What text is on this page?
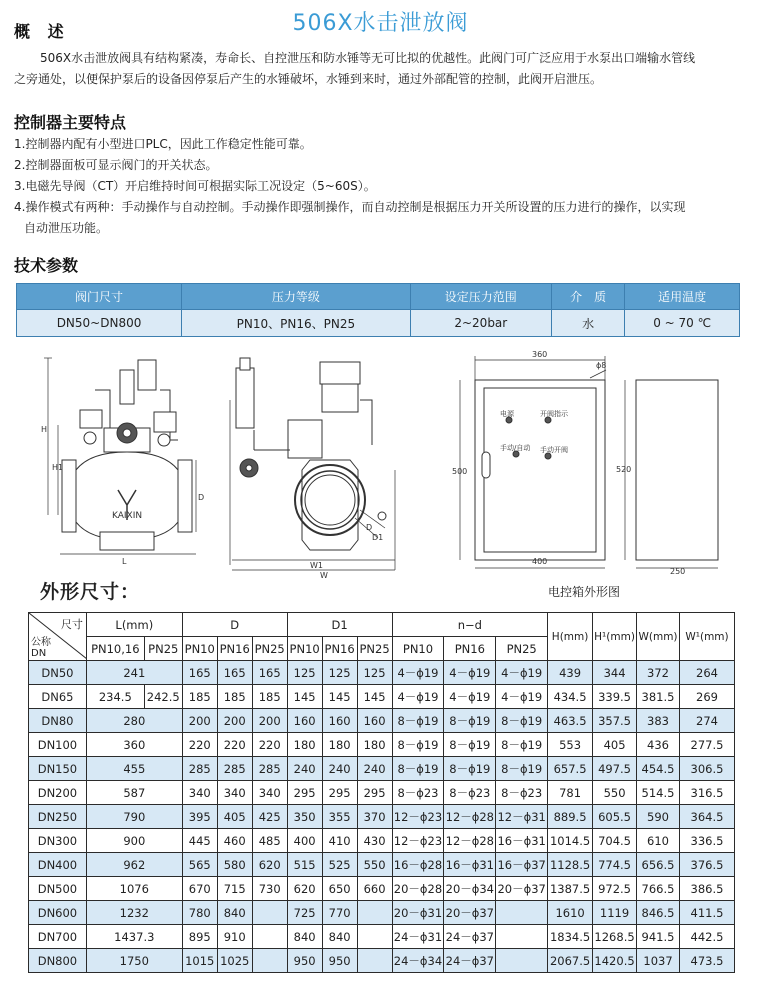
506X水击泄放阀
概 述
506X水击泄放阀具有结构紧凑，寿命长、自控泄压和防水锤等无可比拟的优越性。此阀门可广泛应用于水泵出口端输水管线
之旁通处，以便保护泵后的设备因停泵后产生的水锤破坏，水锤到来时，通过外部配管的控制，此阀开启泄压。
控制器主要特点
1.控制器内配有小型进口PLC，因此工作稳定性能可靠。
2.控制器面板可显示阀门的开关状态。
3.电磁先导阀（CT）开启维持时间可根据实际工况设定（5~60S）。
4.操作模式有两种：手动操作与自动控制。手动操作即强制操作，而自动控制是根据压力开关所设置的压力进行的操作，以实现
自动泄压功能。
技术参数
阀门尺寸	压力等级	设定压力范围	介　质	适用温度
DN50~DN800	PN10、PN16、PN25	2~20bar	水	0 ~ 70 ℃
H
H1
D
L
KAIXIN
W1
W
D
D1
360
ϕ8
500	520
400
250
电源	开阀指示
手动/自动 手动开阀
电控箱外形图
外形尺寸：
尺寸
公称DN	L(mm)		D			D1			n−d			H(mm)	H¹(mm)	W(mm)	W¹(mm)
	PN10,16	PN25	PN10	PN16	PN25	PN10	PN16	PN25	PN10	PN16	PN25				
DN50	241		165	165	165	125	125	125	4－ϕ19	4－ϕ19	4－ϕ19	439	344	372	264
DN65	234.5	242.5	185	185	185	145	145	145	4－ϕ19	4－ϕ19	4－ϕ19	434.5	339.5	381.5	269
DN80	280		200	200	200	160	160	160	8－ϕ19	8－ϕ19	8－ϕ19	463.5	357.5	383	274
DN100	360		220	220	220	180	180	180	8－ϕ19	8－ϕ19	8－ϕ19	553	405	436	277.5
DN150	455		285	285	285	240	240	240	8－ϕ19	8－ϕ19	8－ϕ19	657.5	497.5	454.5	306.5
DN200	587		340	340	340	295	295	295	8－ϕ23	8－ϕ23	8－ϕ23	781	550	514.5	316.5
DN250	790		395	405	425	350	355	370	12－ϕ23	12－ϕ28	12－ϕ31	889.5	605.5	590	364.5
DN300	900		445	460	485	400	410	430	12－ϕ23	12－ϕ28	16－ϕ31	1014.5	704.5	610	336.5
DN400	962		565	580	620	515	525	550	16－ϕ28	16－ϕ31	16－ϕ37	1128.5	774.5	656.5	376.5
DN500	1076		670	715	730	620	650	660	20－ϕ28	20－ϕ34	20－ϕ37	1387.5	972.5	766.5	386.5
DN600	1232		780	840		725	770		20－ϕ31	20－ϕ37		1610	1119	846.5	411.5
DN700	1437.3		895	910		840	840		24－ϕ31	24－ϕ37		1834.5	1268.5	941.5	442.5
DN800	1750		1015	1025		950	950		24－ϕ34	24－ϕ37		2067.5	1420.5	1037	473.5
